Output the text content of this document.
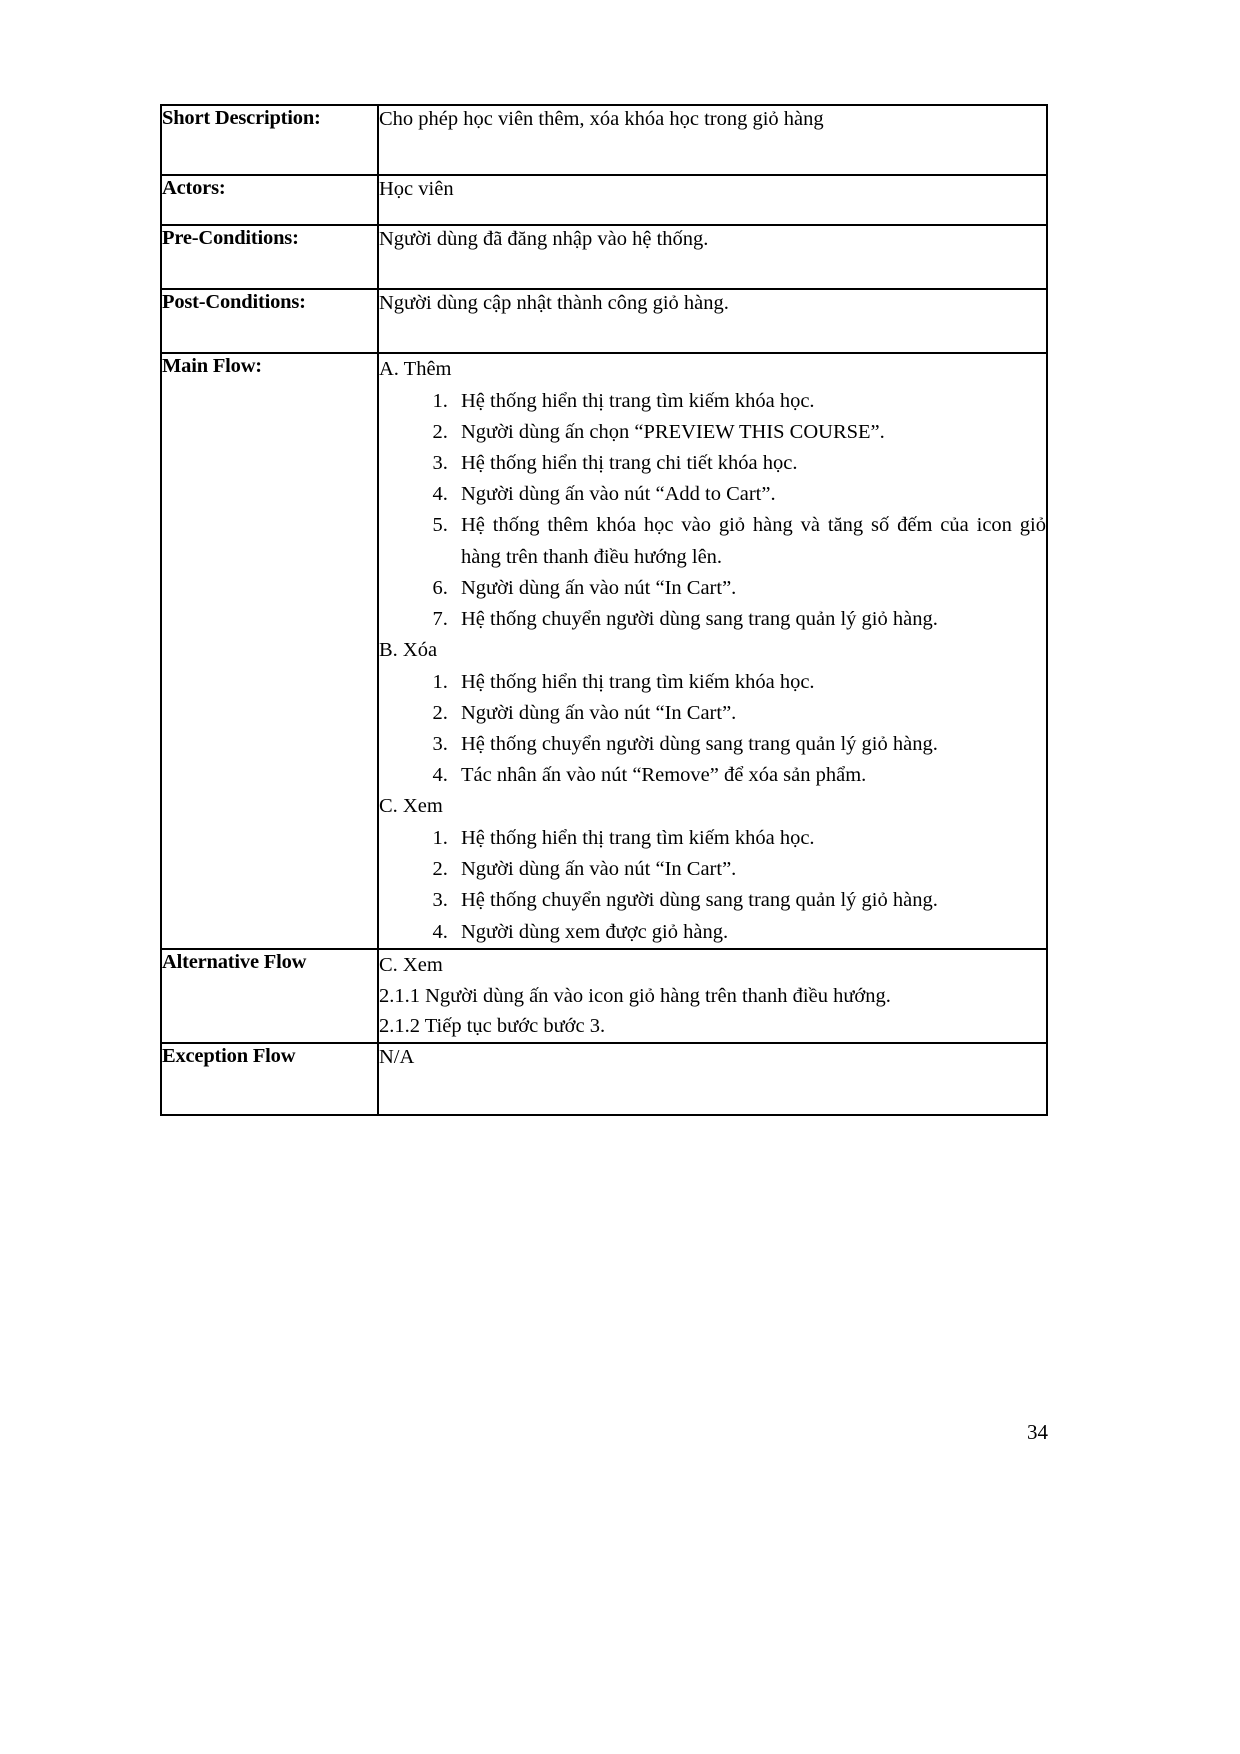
Short Description:	Cho phép học viên thêm, xóa khóa học trong giỏ hàng
Actors:	Học viên
Pre-Conditions:	Người dùng đã đăng nhập vào hệ thống.
Post-Conditions:	Người dùng cập nhật thành công giỏ hàng.
Main Flow:	A. Thêm
1. Hệ thống hiển thị trang tìm kiếm khóa học.
2. Người dùng ấn chọn “PREVIEW THIS COURSE”.
3. Hệ thống hiển thị trang chi tiết khóa học.
4. Người dùng ấn vào nút “Add to Cart”.
5. Hệ thống thêm khóa học vào giỏ hàng và tăng số đếm của icon giỏ hàng trên thanh điều hướng lên.
6. Người dùng ấn vào nút “In Cart”.
7. Hệ thống chuyển người dùng sang trang quản lý giỏ hàng.
B. Xóa
1. Hệ thống hiển thị trang tìm kiếm khóa học.
2. Người dùng ấn vào nút “In Cart”.
3. Hệ thống chuyển người dùng sang trang quản lý giỏ hàng.
4. Tác nhân ấn vào nút “Remove” để xóa sản phẩm.
C. Xem
1. Hệ thống hiển thị trang tìm kiếm khóa học.
2. Người dùng ấn vào nút “In Cart”.
3. Hệ thống chuyển người dùng sang trang quản lý giỏ hàng.
4. Người dùng xem được giỏ hàng.

Alternative Flow	C. Xem
2.1.1 Người dùng ấn vào icon giỏ hàng trên thanh điều hướng.
2.1.2 Tiếp tục bước bước 3.

Exception Flow	N/A
34
